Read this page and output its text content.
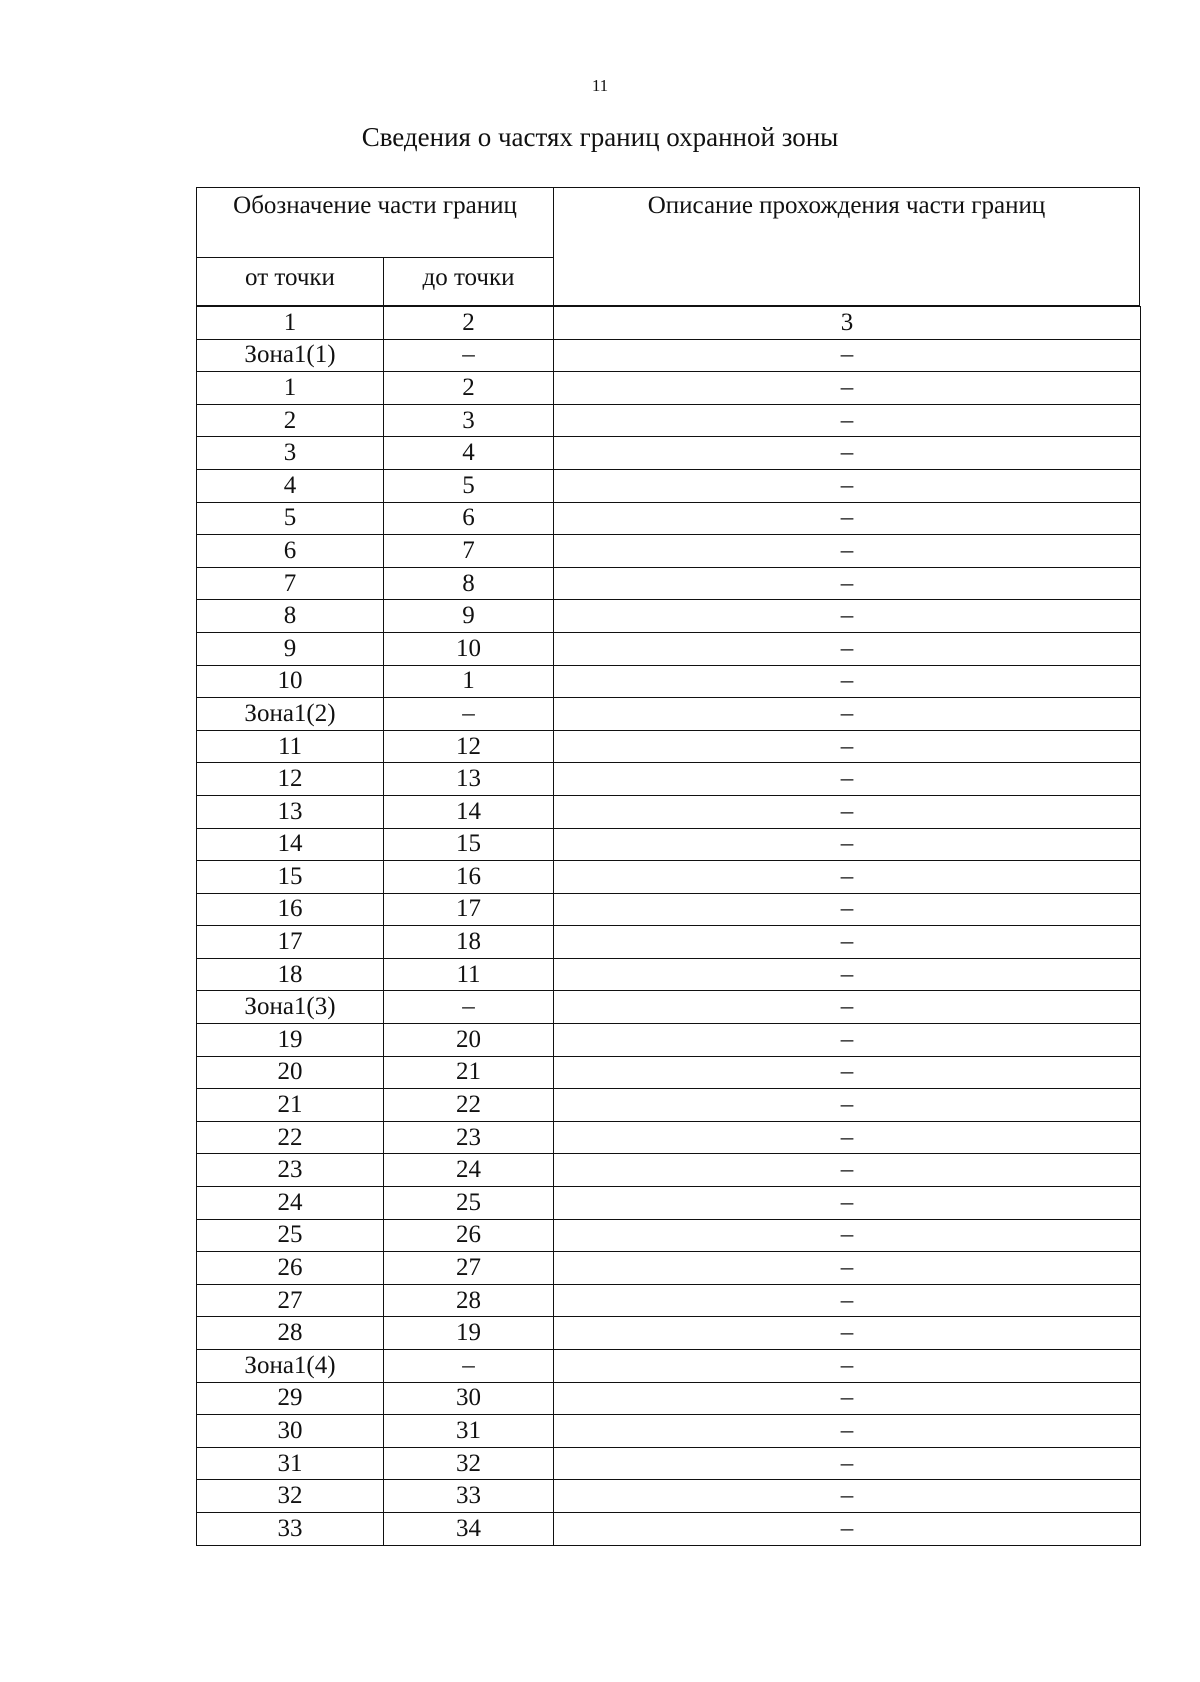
11
Сведения о частях границ охранной зоны
Обозначение части границ	Описание прохождения части границ
от точки	до точки
1	2	3
Зона1(1)	–	–
1	2	–
2	3	–
3	4	–
4	5	–
5	6	–
6	7	–
7	8	–
8	9	–
9	10	–
10	1	–
Зона1(2)	–	–
11	12	–
12	13	–
13	14	–
14	15	–
15	16	–
16	17	–
17	18	–
18	11	–
Зона1(3)	–	–
19	20	–
20	21	–
21	22	–
22	23	–
23	24	–
24	25	–
25	26	–
26	27	–
27	28	–
28	19	–
Зона1(4)	–	–
29	30	–
30	31	–
31	32	–
32	33	–
33	34	–
